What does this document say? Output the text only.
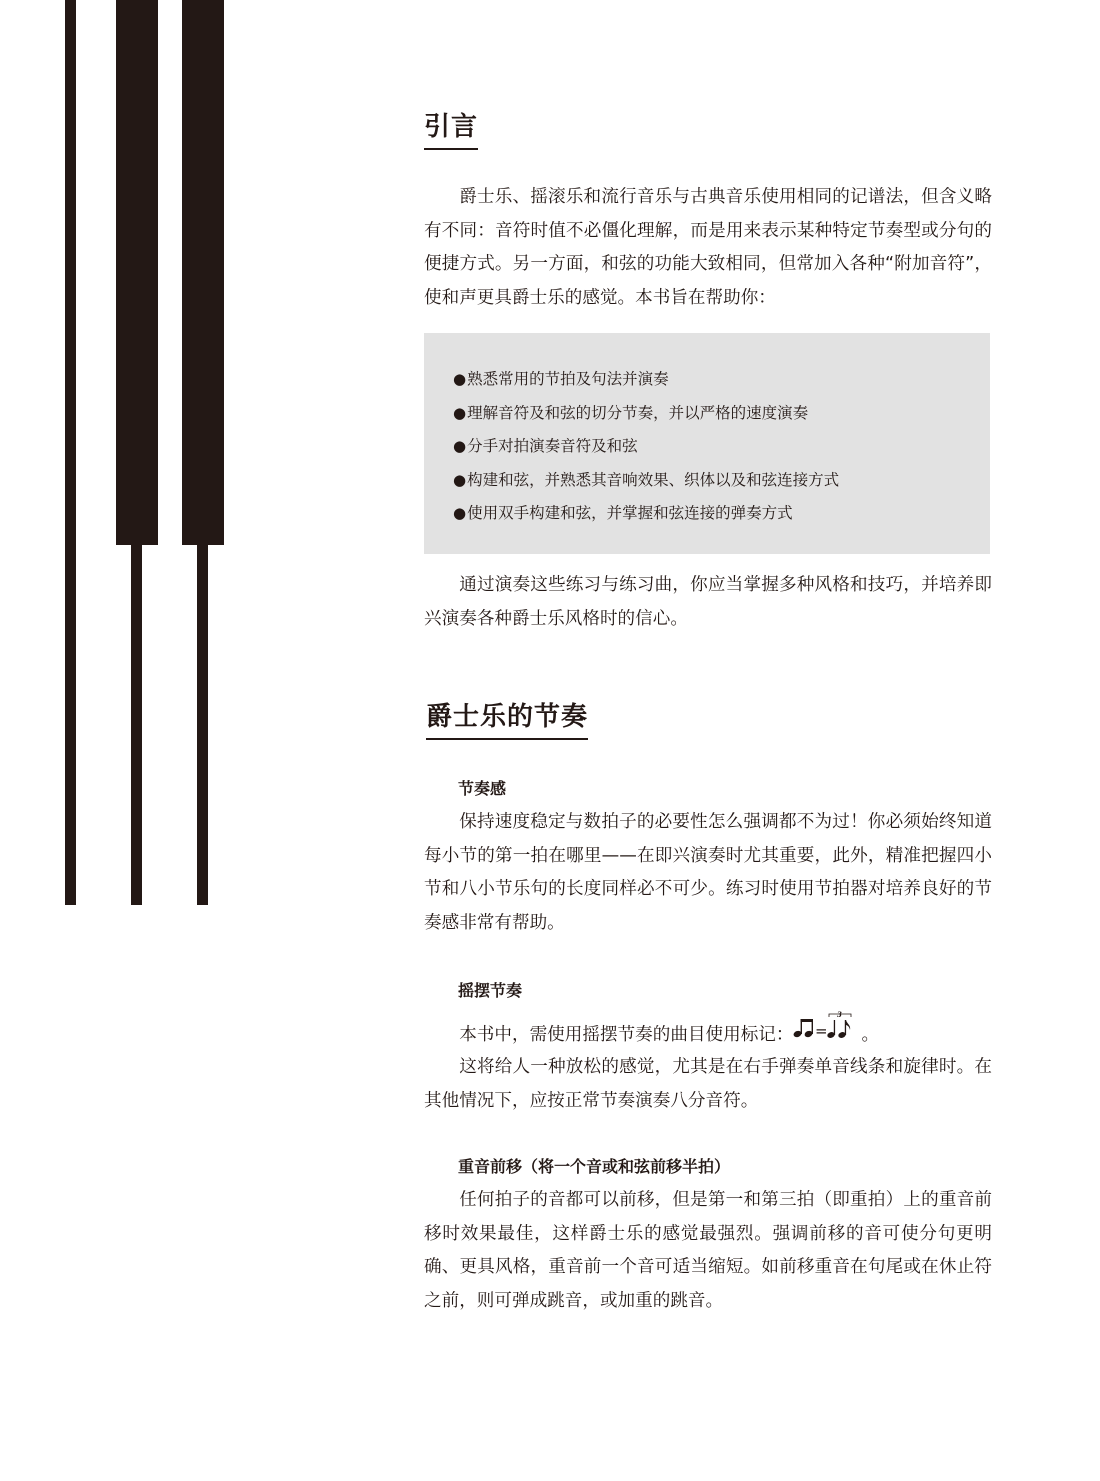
引言

爵士乐、摇滚乐和流行音乐与古典音乐使用相同的记谱法，但含义略有不同：音符时值不必僵化理解，而是用来表示某种特定节奏型或分句的便捷方式。另一方面，和弦的功能大致相同，但常加入各种“附加音符”，使和声更具爵士乐的感觉。本书旨在帮助你：

●熟悉常用的节拍及句法并演奏
●理解音符及和弦的切分节奏，并以严格的速度演奏
●分手对拍演奏音符及和弦
●构建和弦，并熟悉其音响效果、织体以及和弦连接方式
●使用双手构建和弦，并掌握和弦连接的弹奏方式

通过演奏这些练习与练习曲，你应当掌握多种风格和技巧，并培养即兴演奏各种爵士乐风格时的信心。

爵士乐的节奏
节奏感

保持速度稳定与数拍子的必要性怎么强调都不为过！你必须始终知道每小节的第一拍在哪里——在即兴演奏时尤其重要，此外，精准把握四小节和八小节乐句的长度同样必不可少。练习时使用节拍器对培养良好的节奏感非常有帮助。

摇摆节奏

本书中，需使用摇摆节奏的曲目使用标记： =
3
。

这将给人一种放松的感觉，尤其是在右手弹奏单音线条和旋律时。在其他情况下，应按正常节奏演奏八分音符。

重音前移（将一个音或和弦前移半拍）

任何拍子的音都可以前移，但是第一和第三拍（即重拍）上的重音前移时效果最佳，这样爵士乐的感觉最强烈。强调前移的音可使分句更明确、更具风格，重音前一个音可适当缩短。如前移重音在句尾或在休止符之前，则可弹成跳音，或加重的跳音。
